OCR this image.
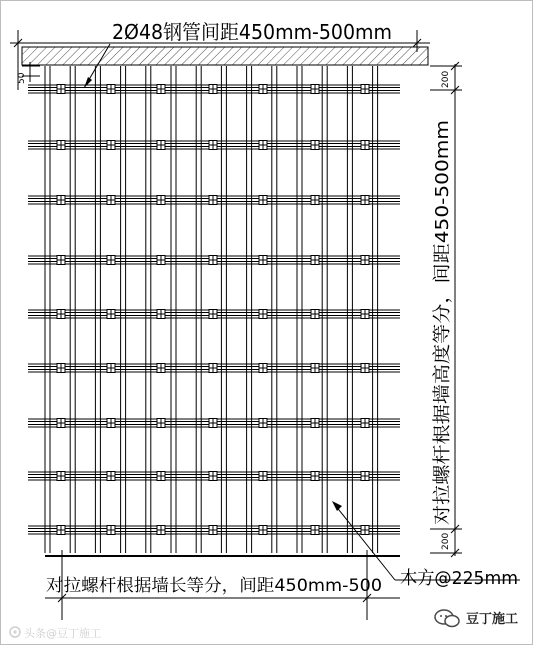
50
2Ø48钢管间距450mm-500mm
对拉螺杆根据墙长等分，间距450mm-500	木方@225mm
对拉螺杆根据墙高度等分，间距450-500mm
200
200
头条@豆丁施工
豆丁施工
